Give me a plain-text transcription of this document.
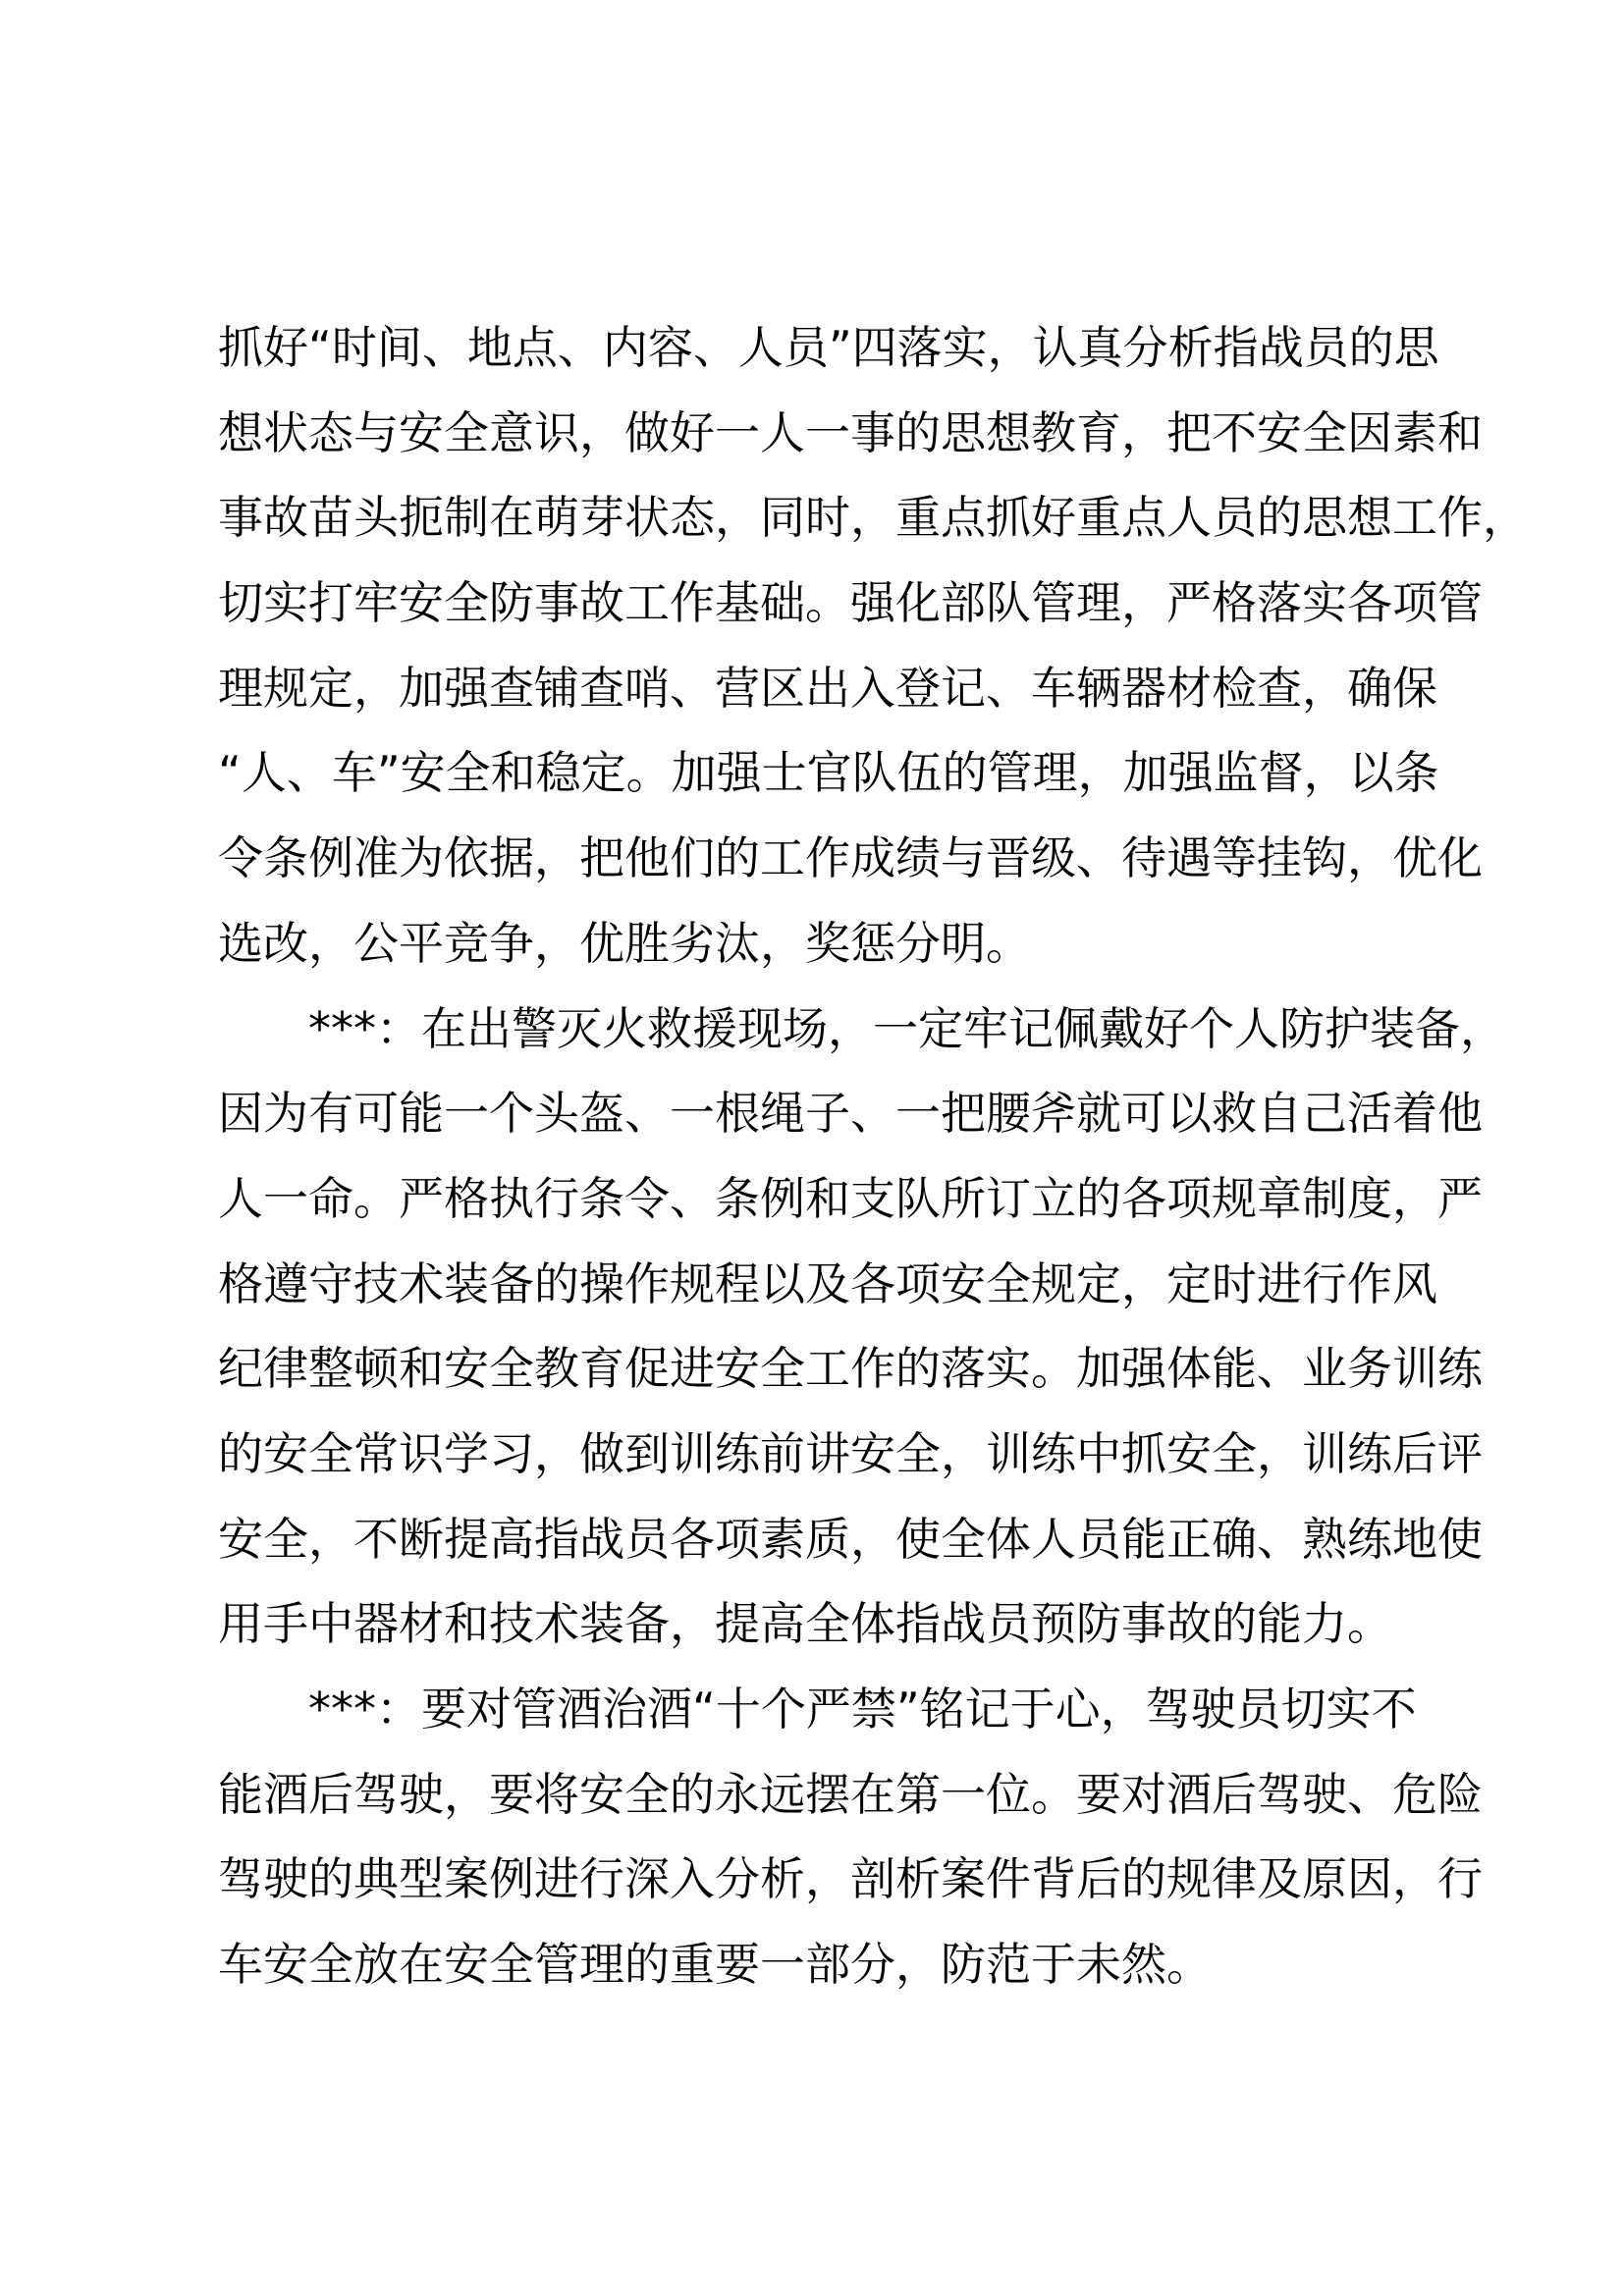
抓好“时间、地点、内容、人员”四落实，认真分析指战员的思
想状态与安全意识，做好一人一事的思想教育，把不安全因素和
事故苗头扼制在萌芽状态，同时，重点抓好重点人员的思想工作，
切实打牢安全防事故工作基础。强化部队管理，严格落实各项管
理规定，加强查铺查哨、营区出入登记、车辆器材检查，确保
“人、车”安全和稳定。加强士官队伍的管理，加强监督，以条
令条例准为依据，把他们的工作成绩与晋级、待遇等挂钩，优化
选改，公平竞争，优胜劣汰，奖惩分明。
***：在出警灭火救援现场，一定牢记佩戴好个人防护装备，
因为有可能一个头盔、一根绳子、一把腰斧就可以救自己活着他
人一命。严格执行条令、条例和支队所订立的各项规章制度，严
格遵守技术装备的操作规程以及各项安全规定，定时进行作风
纪律整顿和安全教育促进安全工作的落实。加强体能、业务训练
的安全常识学习，做到训练前讲安全，训练中抓安全，训练后评
安全，不断提高指战员各项素质，使全体人员能正确、熟练地使
用手中器材和技术装备，提高全体指战员预防事故的能力。
***：要对管酒治酒“十个严禁”铭记于心，驾驶员切实不
能酒后驾驶，要将安全的永远摆在第一位。要对酒后驾驶、危险
驾驶的典型案例进行深入分析，剖析案件背后的规律及原因，行
车安全放在安全管理的重要一部分，防范于未然。
